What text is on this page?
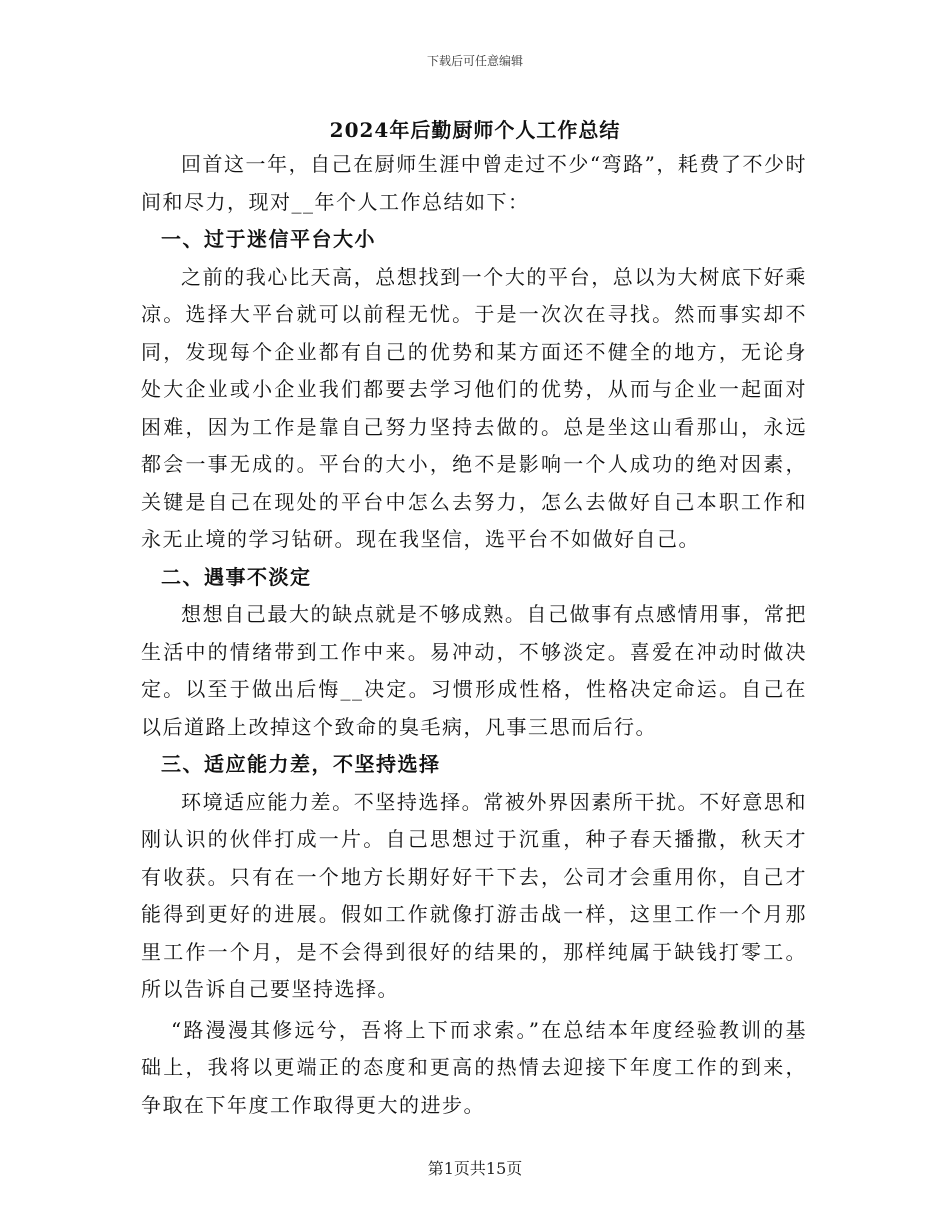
下载后可任意编辑
2024年后勤厨师个人工作总结

回首这一年，自己在厨师生涯中曾走过不少“弯路”，耗费了不少时间和尽力，现对__年个人工作总结如下：

一、过于迷信平台大小

之前的我心比天高，总想找到一个大的平台，总以为大树底下好乘凉。选择大平台就可以前程无忧。于是一次次在寻找。然而事实却不同，发现每个企业都有自己的优势和某方面还不健全的地方，无论身处大企业或小企业我们都要去学习他们的优势，从而与企业一起面对困难，因为工作是靠自己努力坚持去做的。总是坐这山看那山，永远都会一事无成的。平台的大小，绝不是影响一个人成功的绝对因素，关键是自己在现处的平台中怎么去努力，怎么去做好自己本职工作和永无止境的学习钻研。现在我坚信，选平台不如做好自己。

二、遇事不淡定

想想自己最大的缺点就是不够成熟。自己做事有点感情用事，常把生活中的情绪带到工作中来。易冲动，不够淡定。喜爱在冲动时做决定。以至于做出后悔__决定。习惯形成性格，性格决定命运。自己在以后道路上改掉这个致命的臭毛病，凡事三思而后行。

三、适应能力差，不坚持选择

环境适应能力差。不坚持选择。常被外界因素所干扰。不好意思和刚认识的伙伴打成一片。自己思想过于沉重，种子春天播撒，秋天才有收获。只有在一个地方长期好好干下去，公司才会重用你，自己才能得到更好的进展。假如工作就像打游击战一样，这里工作一个月那里工作一个月，是不会得到很好的结果的，那样纯属于缺钱打零工。所以告诉自己要坚持选择。

“路漫漫其修远兮，吾将上下而求索。”在总结本年度经验教训的基础上，我将以更端正的态度和更高的热情去迎接下年度工作的到来，争取在下年度工作取得更大的进步。

第1页共15页
